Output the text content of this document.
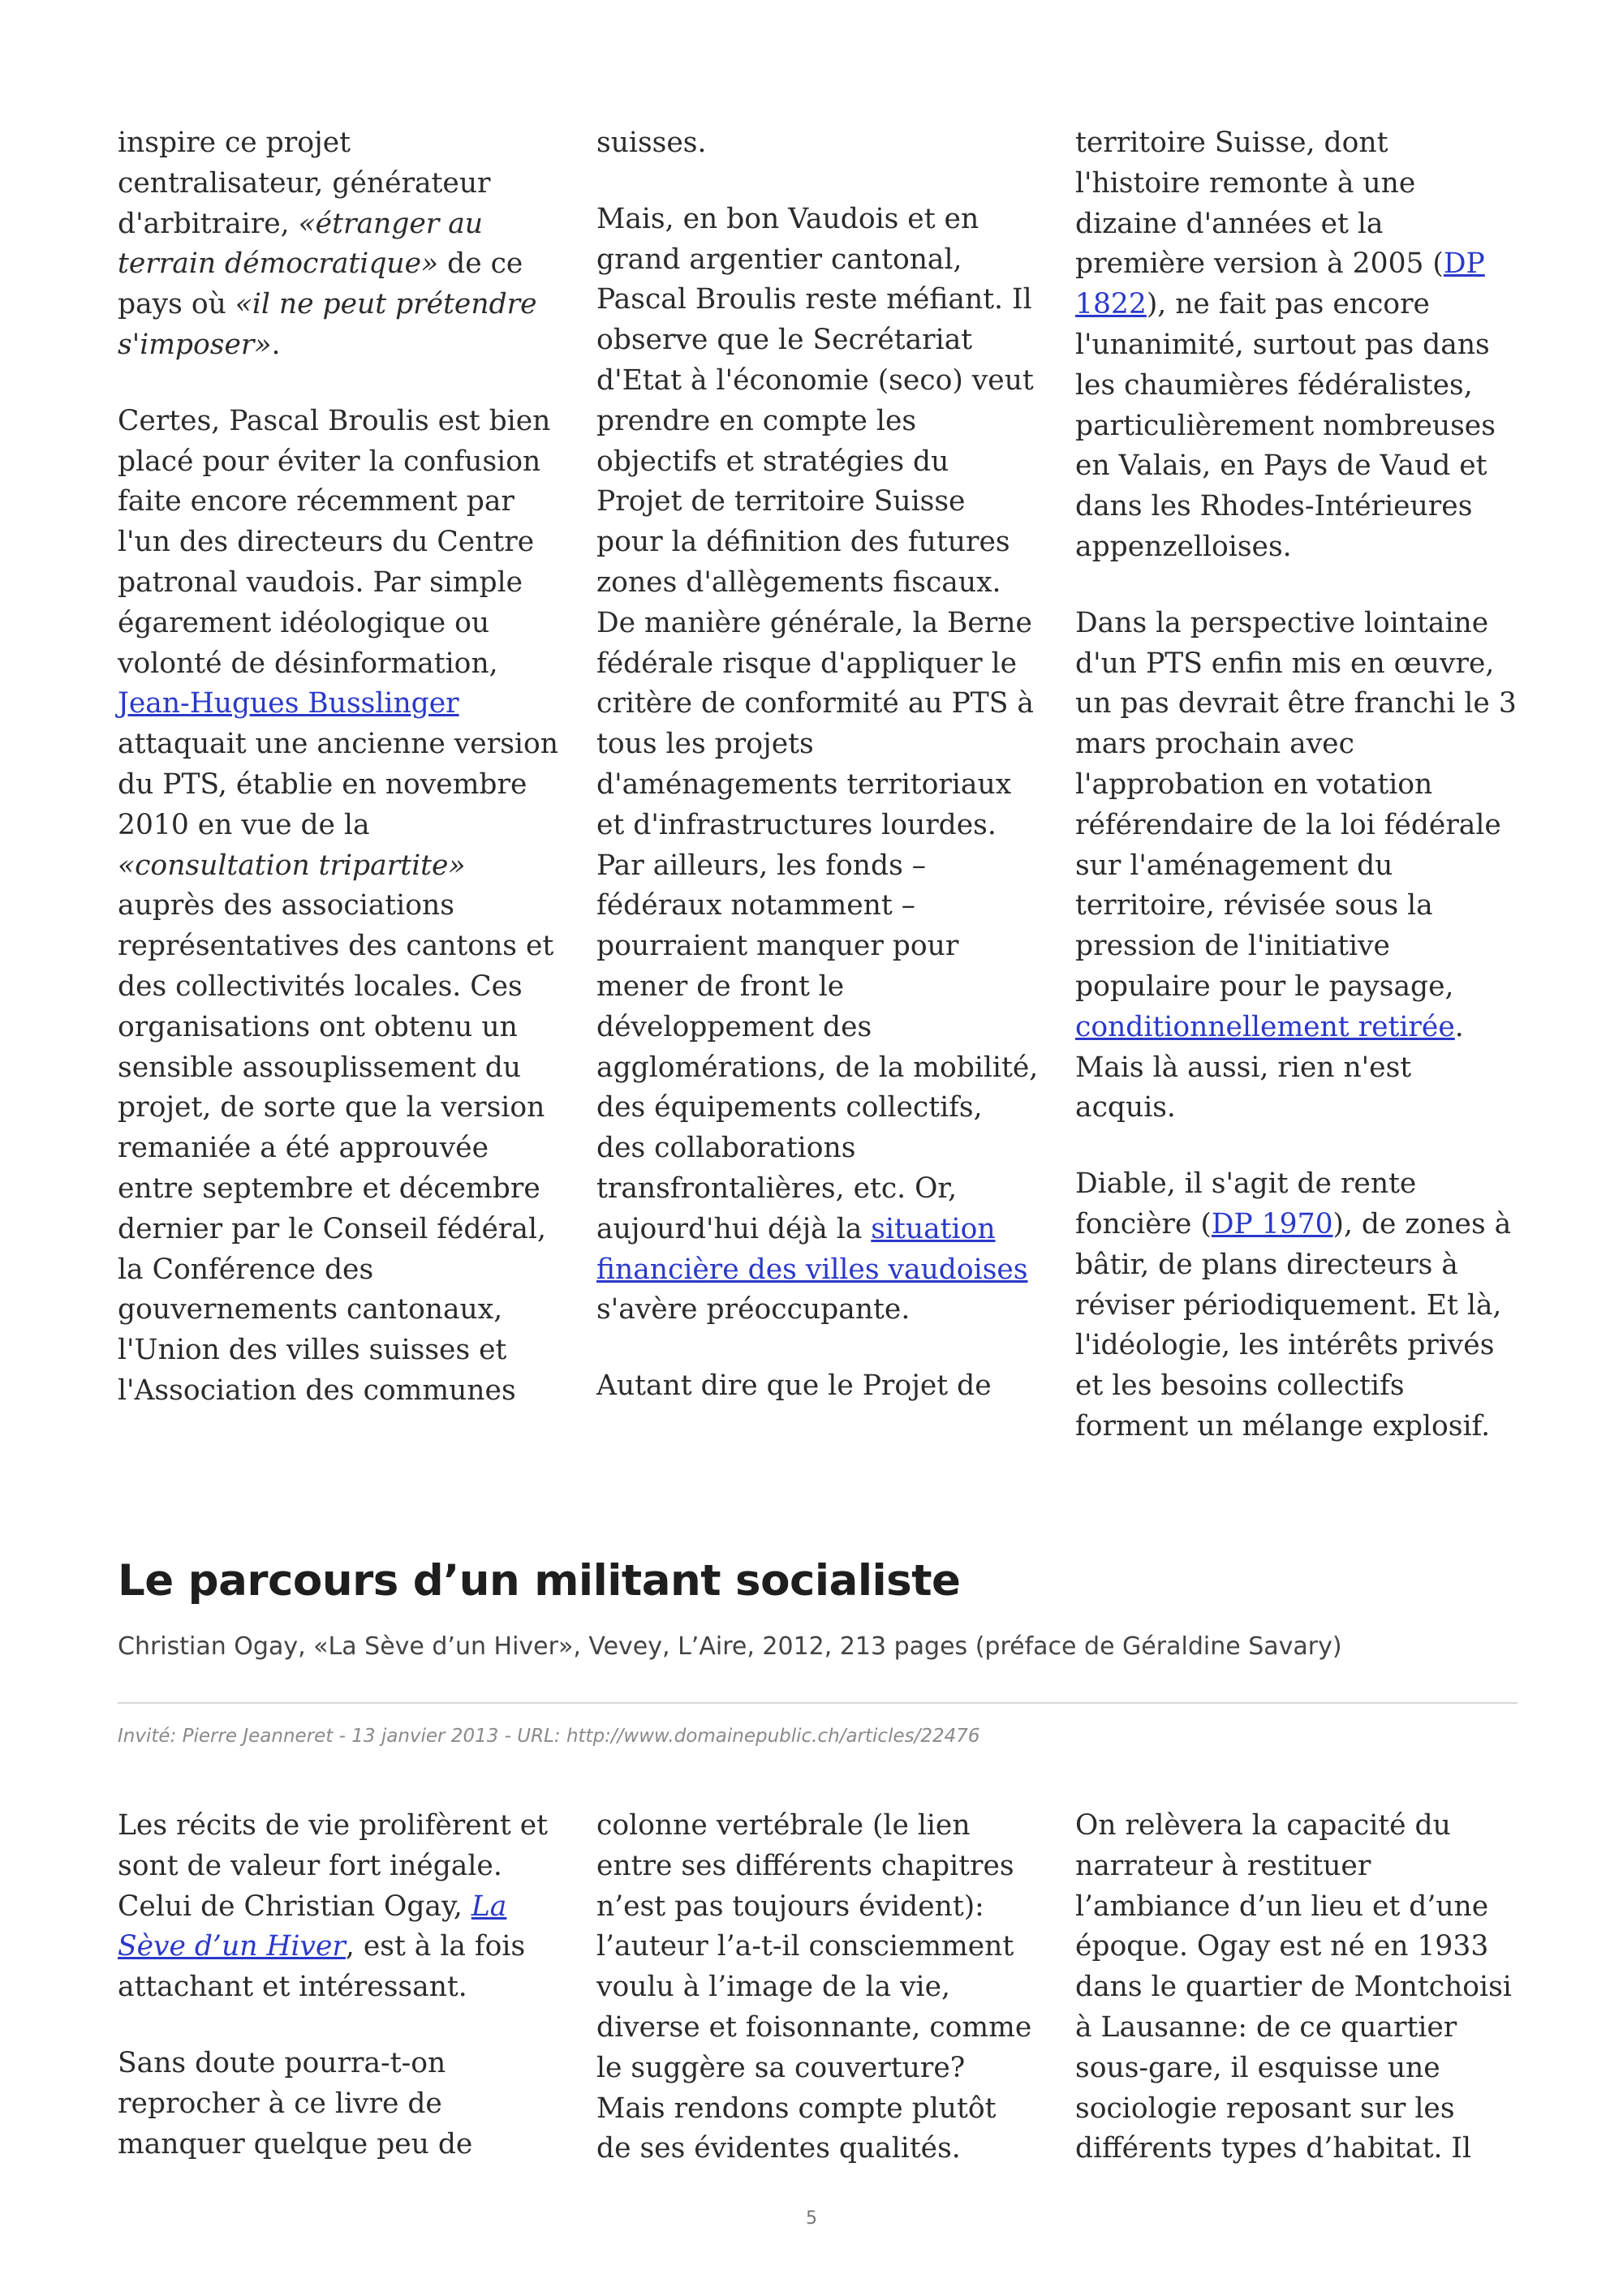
inspire ce projet centralisateur, générateur d'arbitraire, «étranger au terrain démocratique» de ce pays où «il ne peut prétendre s'imposer».

Certes, Pascal Broulis est bien placé pour éviter la confusion faite encore récemment par l'un des directeurs du Centre patronal vaudois. Par simple égarement idéologique ou volonté de désinformation, Jean-Hugues Busslinger attaquait une ancienne version du PTS, établie en novembre 2010 en vue de la «consultation tripartite» auprès des associations représentatives des cantons et des collectivités locales. Ces organisations ont obtenu un sensible assouplissement du projet, de sorte que la version remaniée a été approuvée entre septembre et décembre dernier par le Conseil fédéral, la Conférence des gouvernements cantonaux, l'Union des villes suisses et l'Association des communes

suisses.

Mais, en bon Vaudois et en grand argentier cantonal, Pascal Broulis reste méfiant. Il observe que le Secrétariat d'Etat à l'économie (seco) veut prendre en compte les objectifs et stratégies du Projet de territoire Suisse pour la définition des futures zones d'allègements fiscaux. De manière générale, la Berne fédérale risque d'appliquer le critère de conformité au PTS à tous les projets d'aménagements territoriaux et d'infrastructures lourdes. Par ailleurs, les fonds – fédéraux notamment – pourraient manquer pour mener de front le développement des agglomérations, de la mobilité, des équipements collectifs, des collaborations transfrontalières, etc. Or, aujourd'hui déjà la situation financière des villes vaudoises s'avère préoccupante.

Autant dire que le Projet de

territoire Suisse, dont l'histoire remonte à une dizaine d'années et la première version à 2005 (DP 1822), ne fait pas encore l'unanimité, surtout pas dans les chaumières fédéralistes, particulièrement nombreuses en Valais, en Pays de Vaud et dans les Rhodes-Intérieures appenzelloises.

Dans la perspective lointaine d'un PTS enfin mis en œuvre, un pas devrait être franchi le 3 mars prochain avec l'approbation en votation référendaire de la loi fédérale sur l'aménagement du territoire, révisée sous la pression de l'initiative populaire pour le paysage, conditionnellement retirée. Mais là aussi, rien n'est acquis.

Diable, il s'agit de rente foncière (DP 1970), de zones à bâtir, de plans directeurs à réviser périodiquement. Et là, l'idéologie, les intérêts privés et les besoins collectifs forment un mélange explosif.

Le parcours d’un militant socialiste

Christian Ogay, «La Sève d’un Hiver», Vevey, L’Aire, 2012, 213 pages (préface de Géraldine Savary)

Invité: Pierre Jeanneret - 13 janvier 2013 - URL: http://www.domainepublic.ch/articles/22476

Les récits de vie prolifèrent et sont de valeur fort inégale. Celui de Christian Ogay, La Sève d’un Hiver, est à la fois attachant et intéressant.

Sans doute pourra-t-on reprocher à ce livre de manquer quelque peu de

colonne vertébrale (le lien entre ses différents chapitres n’est pas toujours évident): l’auteur l’a-t-il consciemment voulu à l’image de la vie, diverse et foisonnante, comme le suggère sa couverture? Mais rendons compte plutôt de ses évidentes qualités.

On relèvera la capacité du narrateur à restituer l’ambiance d’un lieu et d’une époque. Ogay est né en 1933 dans le quartier de Montchoisi à Lausanne: de ce quartier sous-gare, il esquisse une sociologie reposant sur les différents types d’habitat. Il

5
